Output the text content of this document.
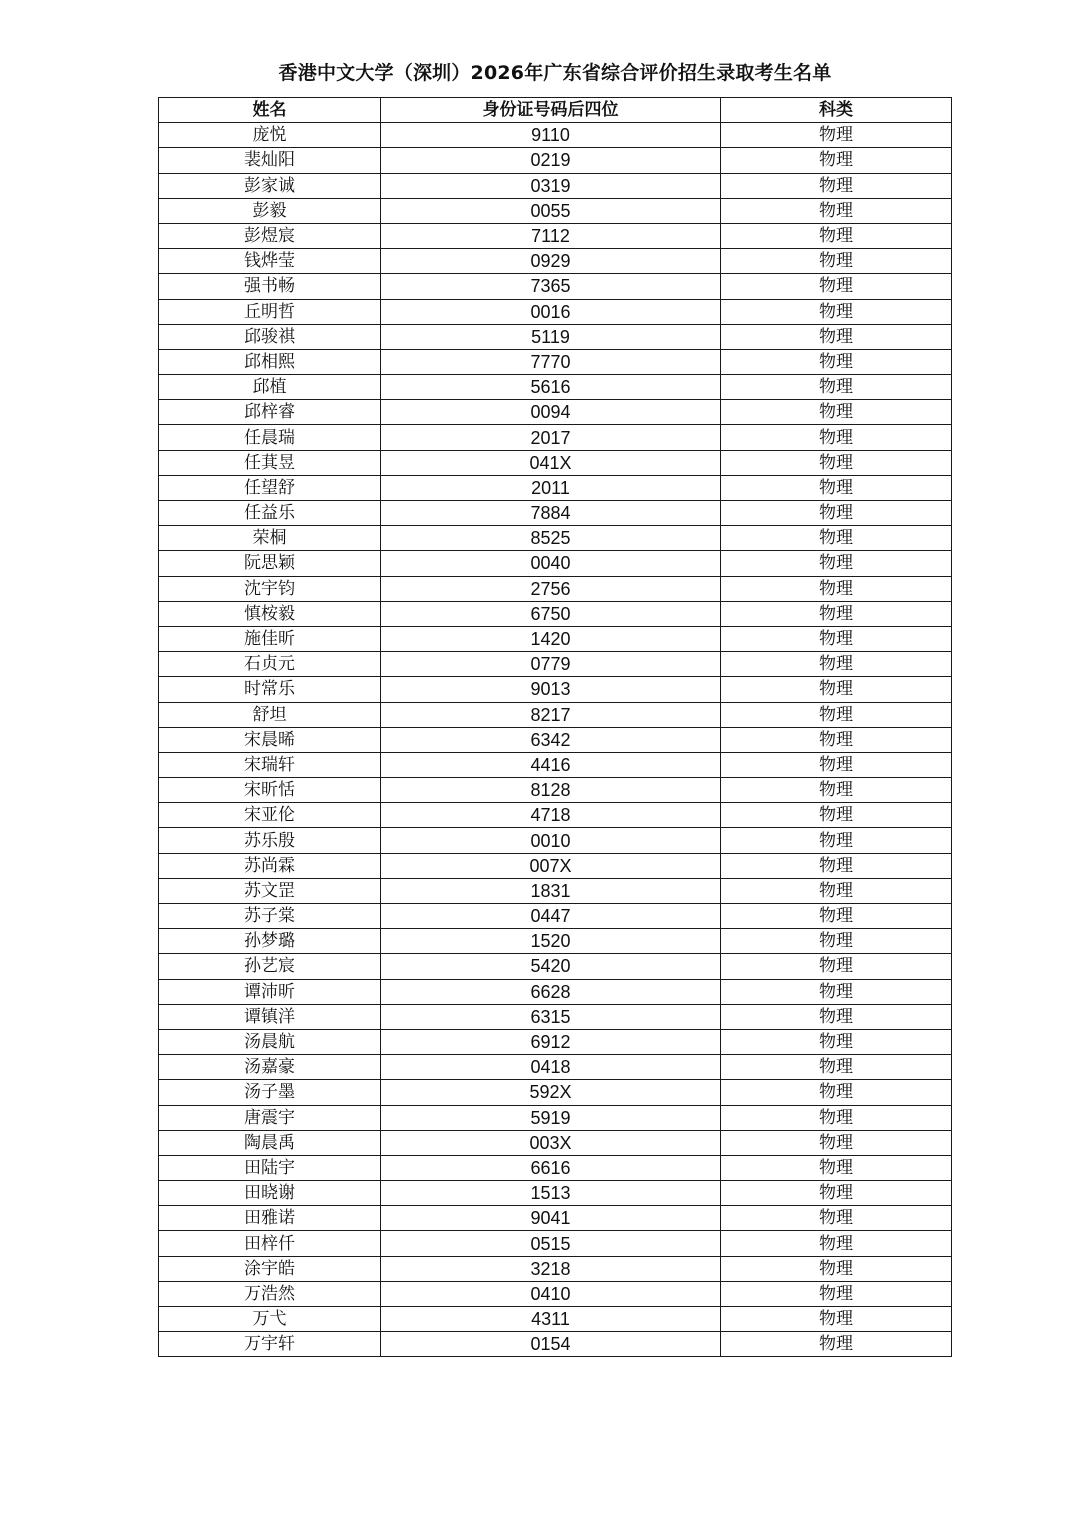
香港中文大学（深圳）2026年广东省综合评价招生录取考生名单
姓名	身份证号码后四位	科类
庞悦	9110	物理
裴灿阳	0219	物理
彭家诚	0319	物理
彭毅	0055	物理
彭煜宸	7112	物理
钱烨莹	0929	物理
强书畅	7365	物理
丘明哲	0016	物理
邱骏祺	5119	物理
邱相熙	7770	物理
邱植	5616	物理
邱梓睿	0094	物理
任晨瑞	2017	物理
任萁昱	041X	物理
任望舒	2011	物理
任益乐	7884	物理
荣桐	8525	物理
阮思颖	0040	物理
沈宇钧	2756	物理
慎桉毅	6750	物理
施佳昕	1420	物理
石贞元	0779	物理
时常乐	9013	物理
舒坦	8217	物理
宋晨晞	6342	物理
宋瑞轩	4416	物理
宋昕恬	8128	物理
宋亚伦	4718	物理
苏乐殷	0010	物理
苏尚霖	007X	物理
苏文罡	1831	物理
苏子棠	0447	物理
孙梦璐	1520	物理
孙艺宸	5420	物理
谭沛昕	6628	物理
谭镇洋	6315	物理
汤晨航	6912	物理
汤嘉豪	0418	物理
汤子墨	592X	物理
唐震宇	5919	物理
陶晨禹	003X	物理
田陆宇	6616	物理
田晓谢	1513	物理
田雅诺	9041	物理
田梓仟	0515	物理
涂宇皓	3218	物理
万浩然	0410	物理
万弋	4311	物理
万宇轩	0154	物理
